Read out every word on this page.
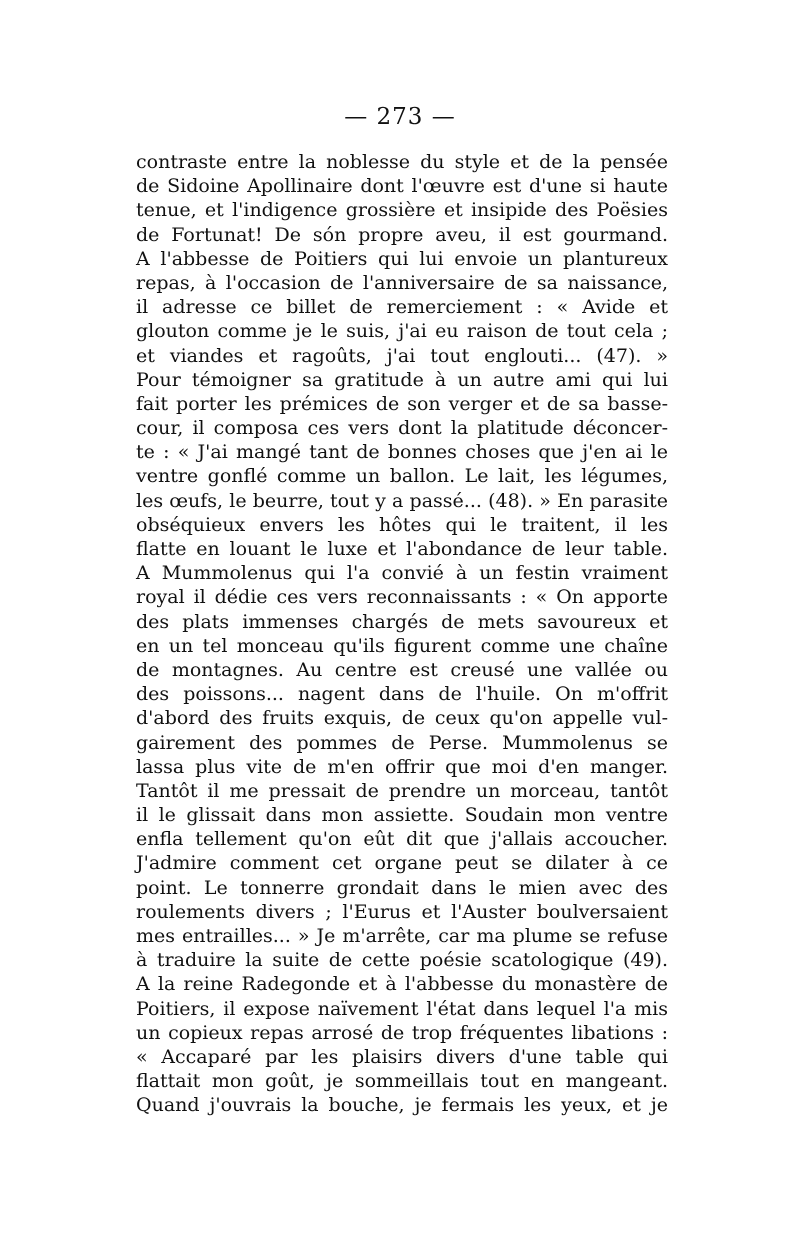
— 273 —
contraste entre la noblesse du style et de la pensée
de Sidoine Apollinaire dont l'œuvre est d'une si haute
tenue, et l'indigence grossière et insipide des Poësies
de Fortunat! De són propre aveu, il est gourmand.
A l'abbesse de Poitiers qui lui envoie un plantureux
repas, à l'occasion de l'anniversaire de sa naissance,
il adresse ce billet de remerciement : « Avide et
glouton comme je le suis, j'ai eu raison de tout cela ;
et viandes et ragoûts, j'ai tout englouti... (47). »
Pour témoigner sa gratitude à un autre ami qui lui
fait porter les prémices de son verger et de sa basse-
cour, il composa ces vers dont la platitude déconcer-
te : « J'ai mangé tant de bonnes choses que j'en ai le
ventre gonflé comme un ballon. Le lait, les légumes,
les œufs, le beurre, tout y a passé... (48). » En parasite
obséquieux envers les hôtes qui le traitent, il les
flatte en louant le luxe et l'abondance de leur table.
A Mummolenus qui l'a convié à un festin vraiment
royal il dédie ces vers reconnaissants : « On apporte
des plats immenses chargés de mets savoureux et
en un tel monceau qu'ils figurent comme une chaîne
de montagnes. Au centre est creusé une vallée ou
des poissons... nagent dans de l'huile. On m'offrit
d'abord des fruits exquis, de ceux qu'on appelle vul-
gairement des pommes de Perse. Mummolenus se
lassa plus vite de m'en offrir que moi d'en manger.
Tantôt il me pressait de prendre un morceau, tantôt
il le glissait dans mon assiette. Soudain mon ventre
enfla tellement qu'on eût dit que j'allais accoucher.
J'admire comment cet organe peut se dilater à ce
point. Le tonnerre grondait dans le mien avec des
roulements divers ; l'Eurus et l'Auster boulversaient
mes entrailles... » Je m'arrête, car ma plume se refuse
à traduire la suite de cette poésie scatologique (49).
A la reine Radegonde et à l'abbesse du monastère de
Poitiers, il expose naïvement l'état dans lequel l'a mis
un copieux repas arrosé de trop fréquentes libations :
« Accaparé par les plaisirs divers d'une table qui
flattait mon goût, je sommeillais tout en mangeant.
Quand j'ouvrais la bouche, je fermais les yeux, et je
